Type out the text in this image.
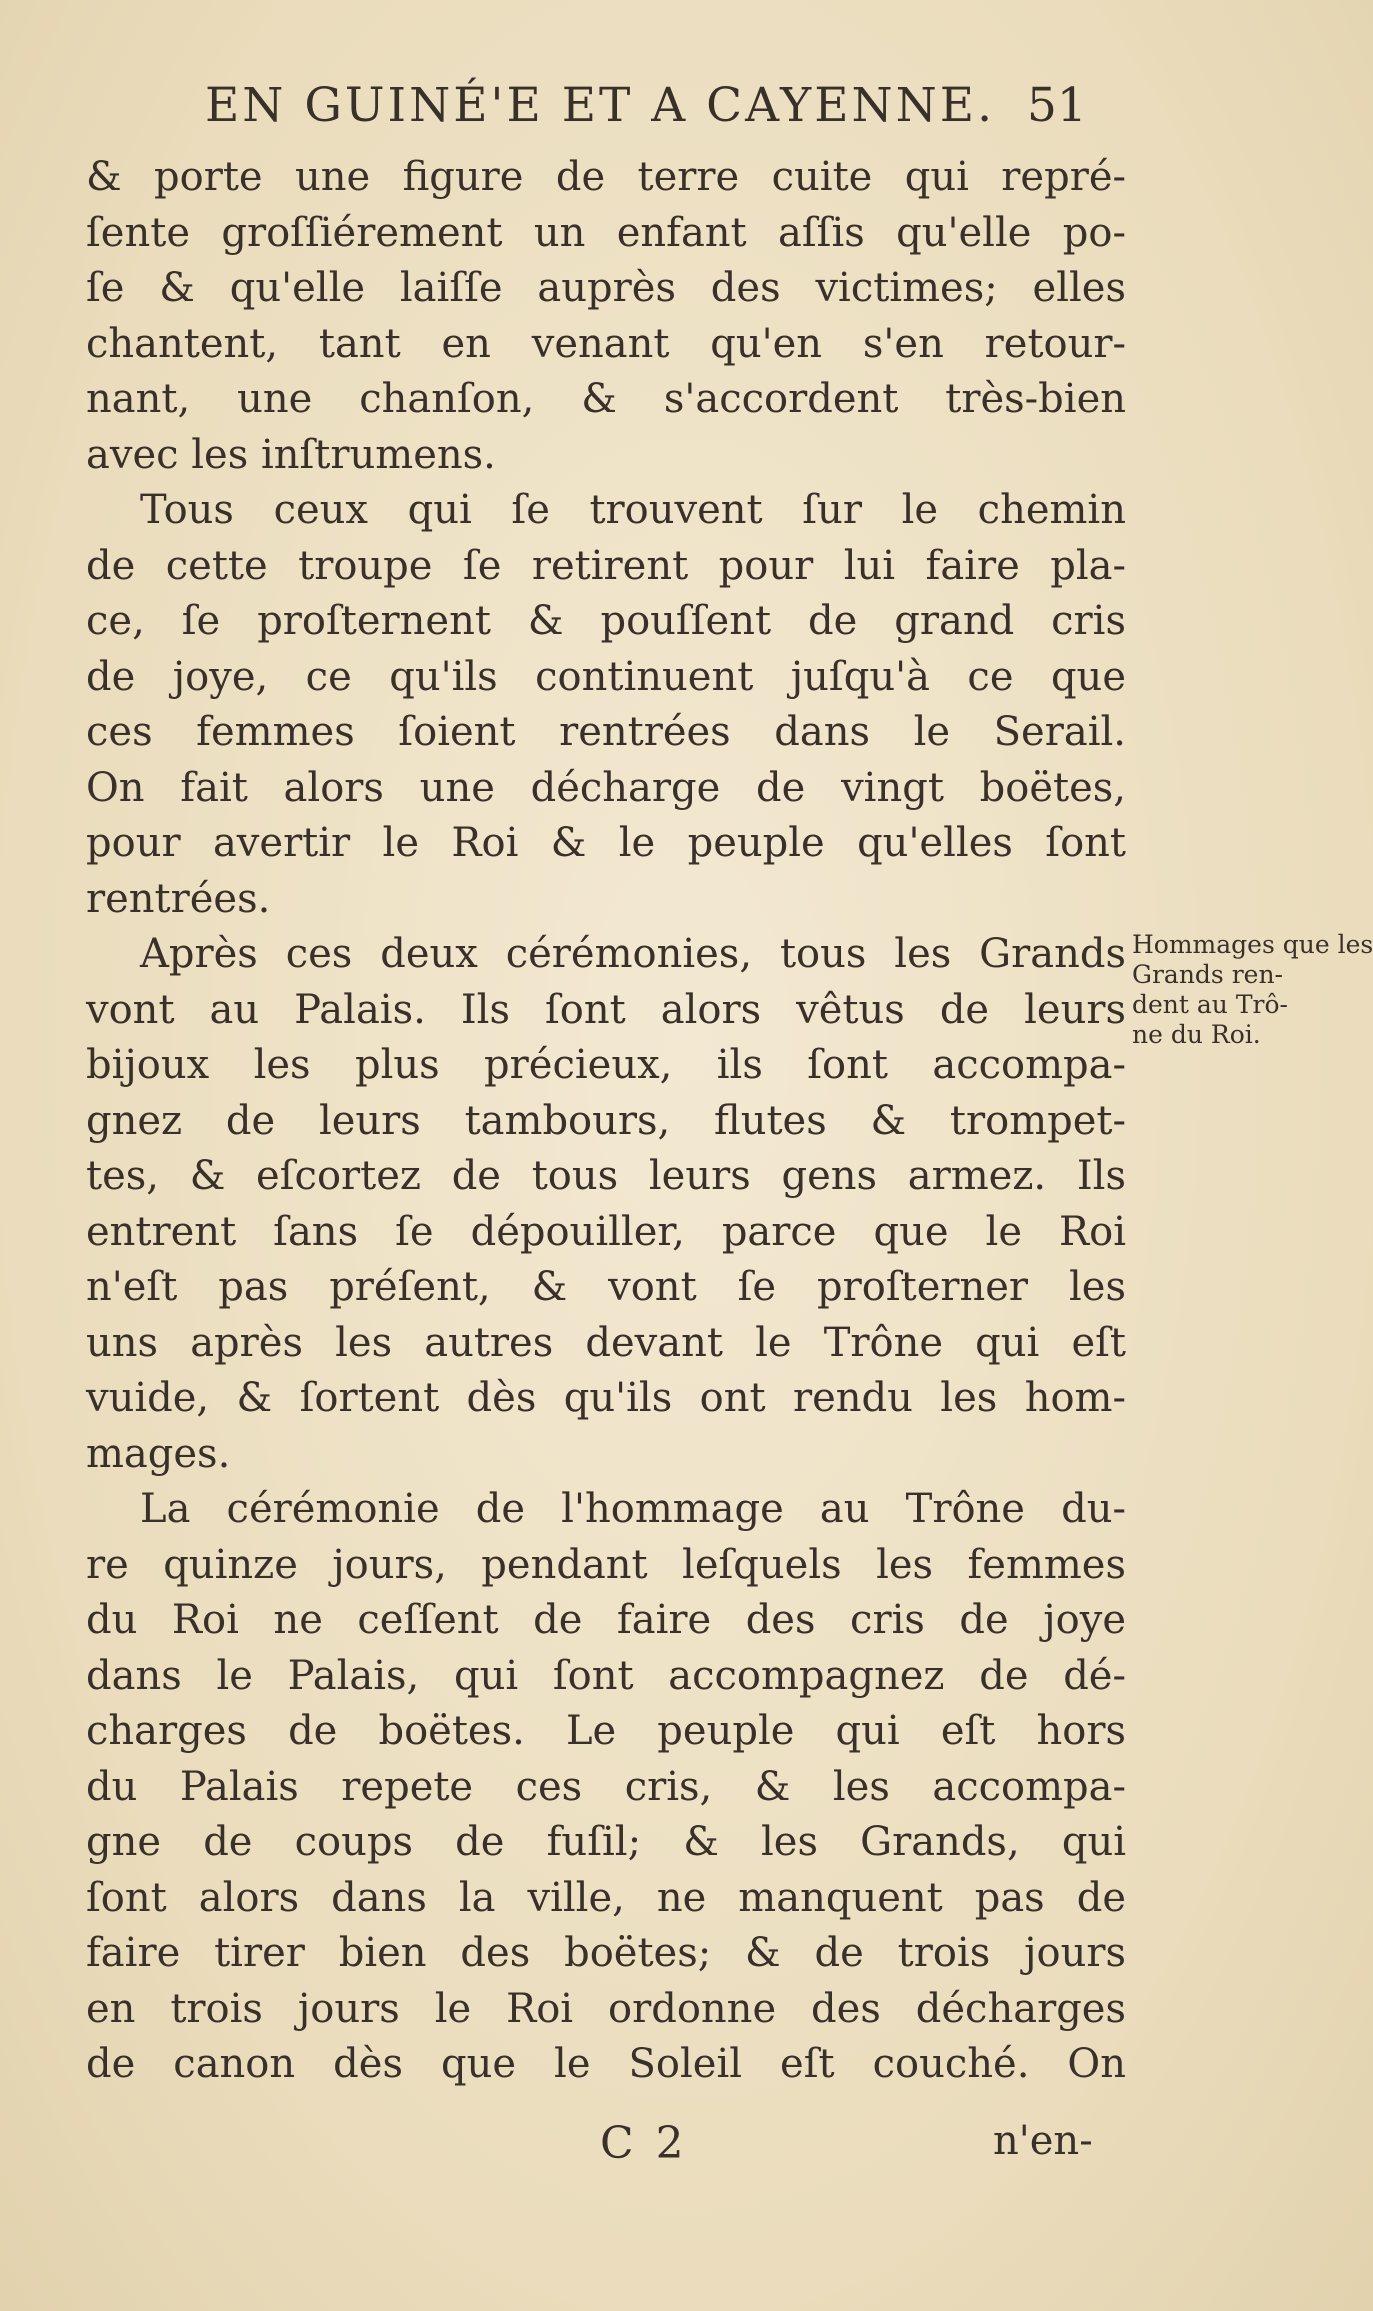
EN GUINÉ'E ET A CAYENNE. 51
& porte une figure de terre cuite qui repré-
ſente groſſiérement un enfant aſſis qu'elle po-
ſe & qu'elle laiſſe auprès des victimes; elles
chantent, tant en venant qu'en s'en retour-
nant, une chanſon, & s'accordent très-bien
avec les inſtrumens.
Tous ceux qui ſe trouvent ſur le chemin
de cette troupe ſe retirent pour lui faire pla-
ce, ſe proſternent & pouſſent de grand cris
de joye, ce qu'ils continuent juſqu'à ce que
ces femmes ſoient rentrées dans le Serail.
On fait alors une décharge de vingt boëtes,
pour avertir le Roi & le peuple qu'elles ſont
rentrées.
Après ces deux cérémonies, tous les Grands
vont au Palais. Ils ſont alors vêtus de leurs
bijoux les plus précieux, ils ſont accompa-
gnez de leurs tambours, flutes & trompet-
tes, & eſcortez de tous leurs gens armez. Ils
entrent ſans ſe dépouiller, parce que le Roi
n'eſt pas préſent, & vont ſe proſterner les
uns après les autres devant le Trône qui eſt
vuide, & ſortent dès qu'ils ont rendu les hom-
mages.
La cérémonie de l'hommage au Trône du-
re quinze jours, pendant leſquels les femmes
du Roi ne ceſſent de faire des cris de joye
dans le Palais, qui ſont accompagnez de dé-
charges de boëtes. Le peuple qui eſt hors
du Palais repete ces cris, & les accompa-
gne de coups de fuſil; & les Grands, qui
ſont alors dans la ville, ne manquent pas de
faire tirer bien des boëtes; & de trois jours
en trois jours le Roi ordonne des décharges
de canon dès que le Soleil eſt couché. On
Hommages que les
Grands ren-
dent au Trô-
ne du Roi.
C 2	n'en-
